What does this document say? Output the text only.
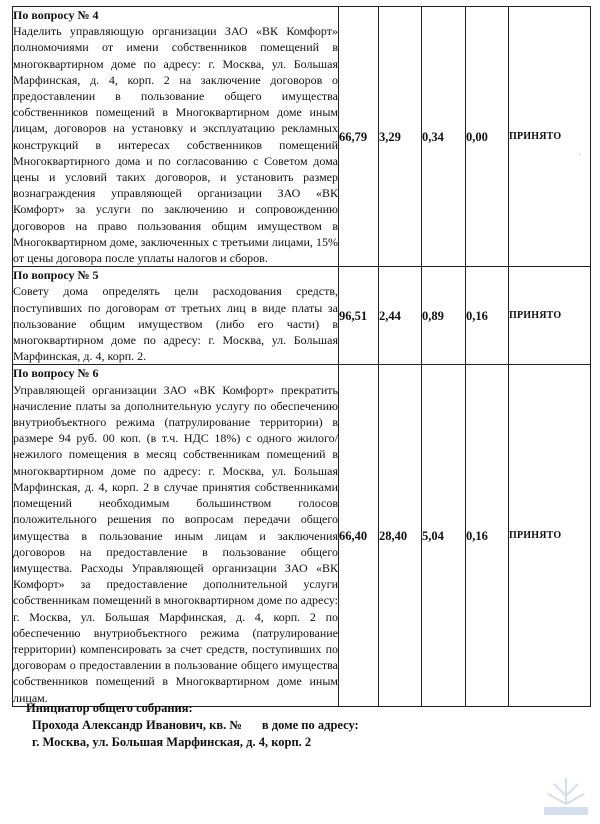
По вопросу № 4
Наделить управляющую организации ЗАО «ВК Комфорт» полномочиями от имени собственников помещений в многоквартирном доме по адресу: г. Москва, ул. Большая Марфинская, д. 4, корп. 2 на заключение договоров о предоставлении в пользование общего имущества собственников помещений в Многоквартирном доме иным лицам, договоров на установку и эксплуатацию рекламных конструкций в интересах собственников помещений Многоквартирного дома и по согласованию с Советом дома цены и условий таких договоров, и установить размер вознаграждения управляющей организации ЗАО «ВК Комфорт» за услуги по заключению и сопровождению договоров на право пользования общим имуществом в Многоквартирном доме, заключенных с третьими лицами, 15% от цены договора после уплаты налогов и сборов.	66,79	3,29	0,34	0,00	ПРИНЯТО

По вопросу № 5
Совету дома определять цели расходования средств, поступивших по договорам от третьих лиц в виде платы за пользование общим имуществом (либо его части) в многоквартирном доме по адресу: г. Москва, ул. Большая Марфинская, д. 4, корп. 2.	96,51	2,44	0,89	0,16	ПРИНЯТО

По вопросу № 6
Управляющей организации ЗАО «ВК Комфорт» прекратить начисление платы за дополнительную услугу по обеспечению внутриобъектного режима (патрулирование территории) в размере 94 руб. 00 коп. (в т.ч. НДС 18%) с одного жилого/нежилого помещения в месяц собственникам помещений в многоквартирном доме по адресу: г. Москва, ул. Большая Марфинская, д. 4, корп. 2 в случае принятия собственниками помещений необходимым большинством голосов положительного решения по вопросам передачи общего имущества в пользование иным лицам и заключения договоров на предоставление в пользование общего имущества. Расходы Управляющей организации ЗАО «ВК Комфорт» за предоставление дополнительной услуги собственникам помещений в многоквартирном доме по адресу: г. Москва, ул. Большая Марфинская, д. 4, корп. 2 по обеспечению внутриобъектного режима (патрулирование территории) компенсировать за счет средств, поступивших по договорам о предоставлении в пользование общего имущества собственников помещений в Многоквартирном доме иным лицам.	66,40	28,40	5,04	0,16	ПРИНЯТО
Инициатор общего собрания:
Прохода Александр Иванович, кв. № в доме по адресу:
г. Москва, ул. Большая Марфинская, д. 4, корп. 2
·
